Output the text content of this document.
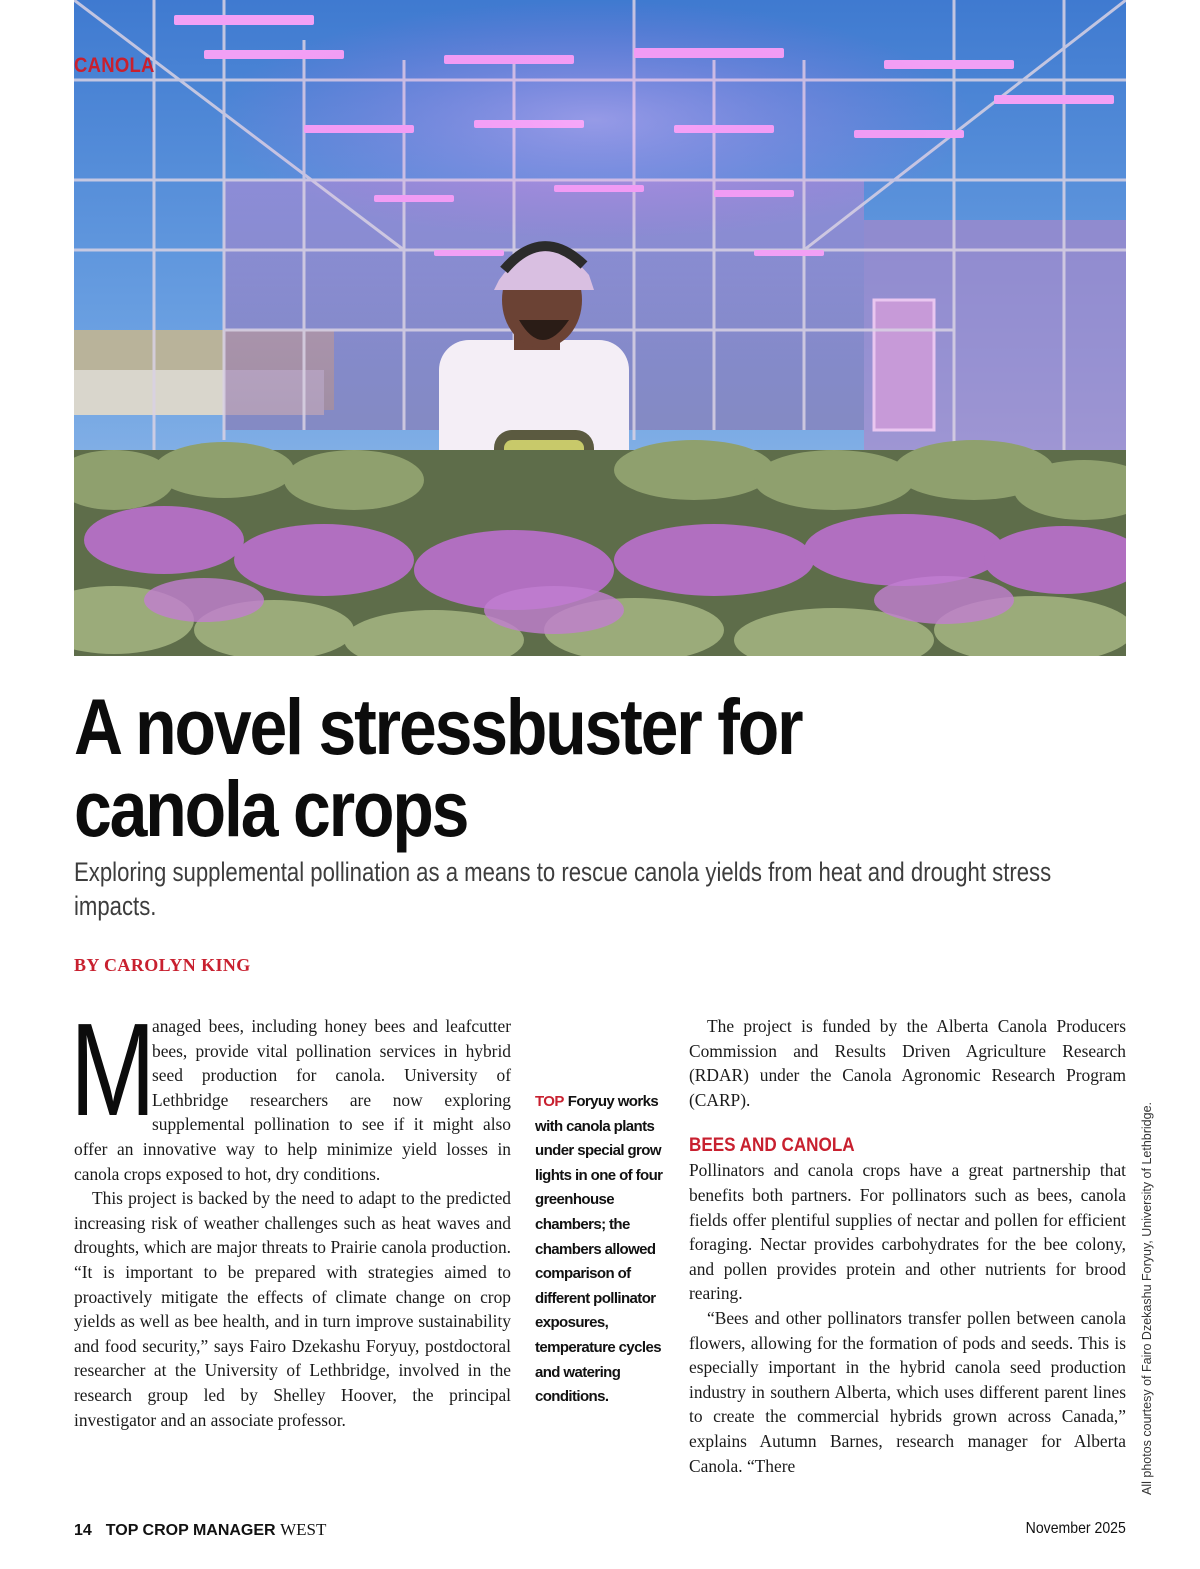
CANOLA
A novel stressbuster for
canola crops
Exploring supplemental pollination as a means to rescue canola yields from heat and drought stress impacts.
BY CAROLYN KING

M
anaged bees, including honey bees and leafcutter bees, provide vital pollination services in hybrid seed production for canola. University of Lethbridge researchers are now exploring supplemental pollination to see if it might also offer an innovative way to help minimize yield losses in canola crops exposed to hot, dry conditions.

This project is backed by the need to adapt to the predicted increasing risk of weather challenges such as heat waves and droughts, which are major threats to Prairie canola production. “It is important to be prepared with strategies aimed to proactively mitigate the effects of climate change on crop yields as well as bee health, and in turn improve sustainability and food security,” says Fairo Dzekashu Foryuy, postdoctoral researcher at the University of Lethbridge, involved in the research group led by Shelley Hoover, the principal investigator and an associate professor.

TOP Foryuy works with canola plants under special grow lights in one of four greenhouse chambers; the chambers allowed comparison of different pollinator exposures, temperature cycles and watering conditions.

The project is funded by the Alberta Canola Producers Commission and Results Driven Agriculture Research (RDAR) under the Canola Agronomic Research Program (CARP).

BEES AND CANOLA

Pollinators and canola crops have a great partnership that benefits both partners. For pollinators such as bees, canola fields offer plentiful supplies of nectar and pollen for efficient foraging. Nectar provides carbohydrates for the bee colony, and pollen provides protein and other nutrients for brood rearing.

“Bees and other pollinators transfer pollen between canola flowers, allowing for the formation of pods and seeds. This is especially important in the hybrid canola seed production industry in southern Alberta, which uses different parent lines to create the commercial hybrids grown across Canada,” explains Autumn Barnes, research manager for Alberta Canola. “There	All photos courtesy of Fairo Dzekashu Foryuy, University of Lethbridge.
14 TOP CROP MANAGER WEST	November 2025
